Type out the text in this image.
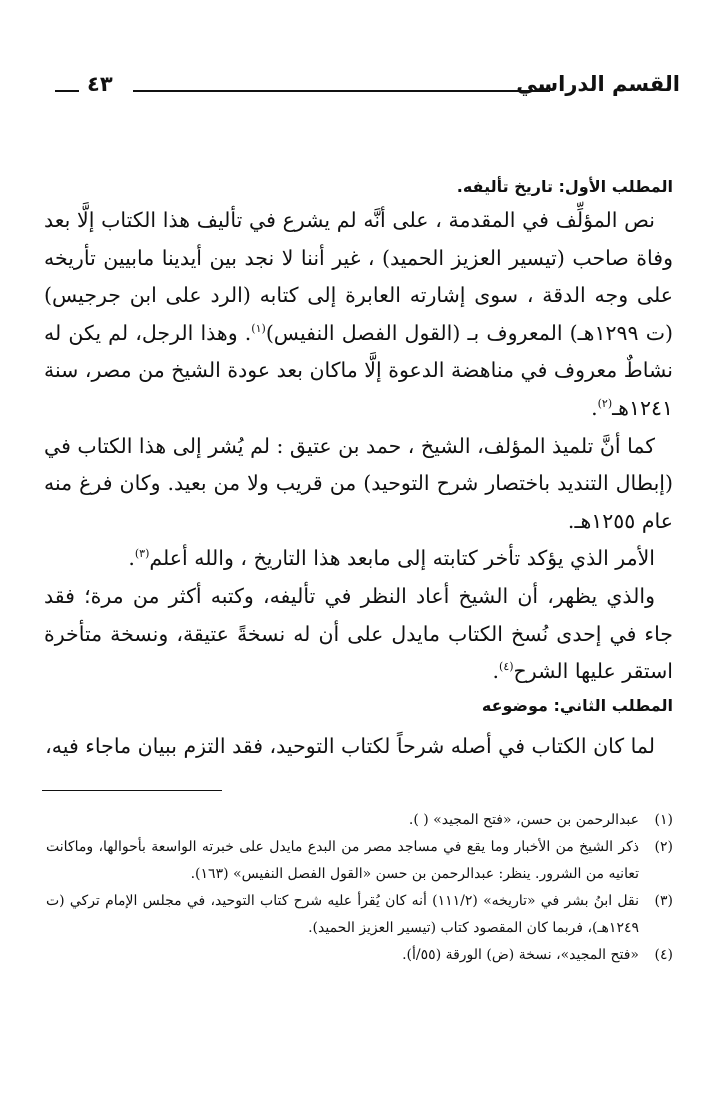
القسم الدراسي
٤٣

المطلب الأول: تاريخ تأليفه.

نص المؤلِّف في المقدمة ، على أنَّه لم يشرع في تأليف هذا الكتاب إلَّا بعد وفاة صاحب (تيسير العزيز الحميد) ، غير أننا لا نجد بين أيدينا مابيين تأريخه على وجه الدقة ، سوى إشارته العابرة إلى كتابه (الرد على ابن جرجيس) (ت ١٢٩٩هـ) المعروف بـ (القول الفصل النفيس)$^{(١)}$. وهذا الرجل، لم يكن له نشاطٌ معروف في مناهضة الدعوة إلَّا ماكان بعد عودة الشيخ من مصر، سنة ١٢٤١هـ$^{(٢)}$.

كما أنَّ تلميذ المؤلف، الشيخ ، حمد بن عتيق : لم يُشر إلى هذا الكتاب في (إبطال التنديد باختصار شرح التوحيد) من قريب ولا من بعيد. وكان فرغ منه عام ١٢٥٥هـ.

الأمر الذي يؤكد تأخر كتابته إلى مابعد هذا التاريخ ، والله أعلم$^{(٣)}$.

والذي يظهر، أن الشيخ أعاد النظر في تأليفه، وكتبه أكثر من مرة؛ فقد جاء في إحدى نُسخ الكتاب مايدل على أن له نسخةً عتيقة، ونسخة متأخرة استقر عليها الشرح$^{(٤)}$.

المطلب الثاني: موضوعه

لما كان الكتاب في أصله شرحاً لكتاب التوحيد، فقد التزم ببيان ماجاء فيه،

(١)
عبدالرحمن بن حسن، «فتح المجيد» ( ).

(٢)
ذكر الشيخ من الأخبار وما يقع في مساجد مصر من البدع مايدل على خبرته الواسعة بأحوالها، وماكانت تعانيه من الشرور. ينظر: عبدالرحمن بن حسن «القول الفصل النفيس» (١٦٣).

(٣)
نقل ابنُ بشر في «تاريخه» (١١١/٢) أنه كان يُقرأ عليه شرح كتاب التوحيد، في مجلس الإمام تركي (ت ١٢٤٩هـ)، فربما كان المقصود كتاب (تيسير العزيز الحميد).

(٤)
«فتح المجيد»، نسخة (ض) الورقة (٥٥/أ).
